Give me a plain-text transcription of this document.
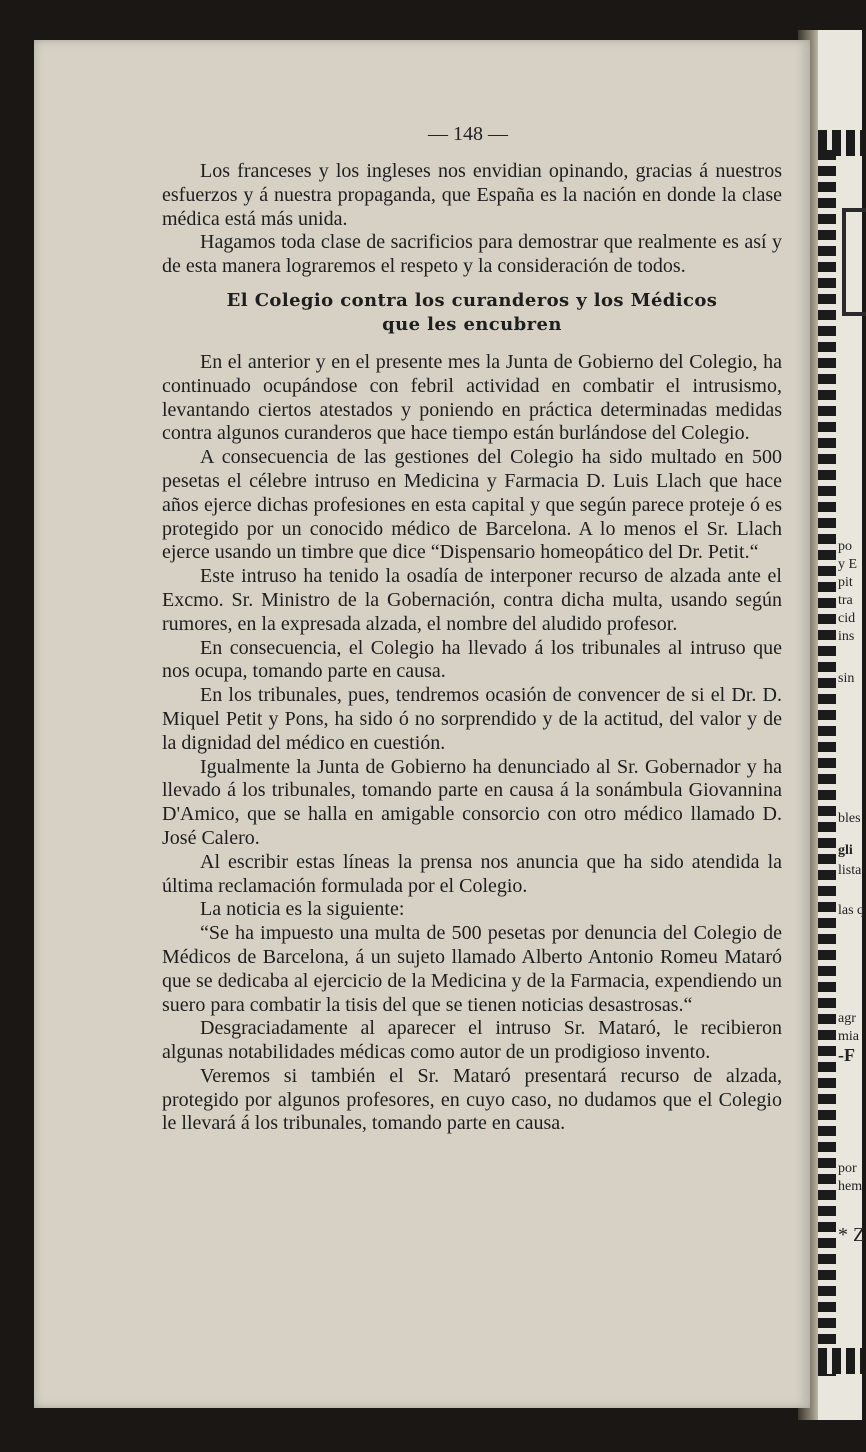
po
y E
pit
tra
cid
ins
sin
bles
gli
lista
las q
agr
mia
-F
por
hem
* Z
— 148 —

Los franceses y los ingleses nos envidian opinando, gracias á nuestros esfuerzos y á nuestra propaganda, que España es la nación en donde la clase médica está más unida.

Hagamos toda clase de sacrificios para demostrar que realmente es así y de esta manera lograremos el respeto y la consideración de todos.

El Colegio contra los curanderos y los Médicos
que les encubren

En el anterior y en el presente mes la Junta de Gobierno del Colegio, ha continuado ocupándose con febril actividad en combatir el intrusismo, levantando ciertos atestados y poniendo en práctica determinadas medidas contra algunos curanderos que hace tiempo están burlándose del Colegio.

A consecuencia de las gestiones del Colegio ha sido multado en 500 pesetas el célebre intruso en Medicina y Farmacia D. Luis Llach que hace años ejerce dichas profesiones en esta capital y que según parece proteje ó es protegido por un conocido médico de Barcelona. A lo menos el Sr. Llach ejerce usando un timbre que dice “Dispensario homeopático del Dr. Petit.“

Este intruso ha tenido la osadía de interponer recurso de alzada ante el Excmo. Sr. Ministro de la Gobernación, contra dicha multa, usando según rumores, en la expresada alzada, el nombre del aludido profesor.

En consecuencia, el Colegio ha llevado á los tribunales al intruso que nos ocupa, tomando parte en causa.

En los tribunales, pues, tendremos ocasión de convencer de si el Dr. D. Miquel Petit y Pons, ha sido ó no sorprendido y de la actitud, del valor y de la dignidad del médico en cuestión.

Igualmente la Junta de Gobierno ha denunciado al Sr. Gobernador y ha llevado á los tribunales, tomando parte en causa á la sonámbula Giovannina D'Amico, que se halla en amigable consorcio con otro médico llamado D. José Calero.

Al escribir estas líneas la prensa nos anuncia que ha sido atendida la última reclamación formulada por el Colegio.

La noticia es la siguiente:

“Se ha impuesto una multa de 500 pesetas por denuncia del Colegio de Médicos de Barcelona, á un sujeto llamado Alberto Antonio Romeu Mataró que se dedicaba al ejercicio de la Medicina y de la Farmacia, expendiendo un suero para combatir la tisis del que se tienen noticias desastrosas.“

Desgraciadamente al aparecer el intruso Sr. Mataró, le recibieron algunas notabilidades médicas como autor de un prodigioso invento.

Veremos si también el Sr. Mataró presentará recurso de alzada, protegido por algunos profesores, en cuyo caso, no dudamos que el Colegio le llevará á los tribunales, tomando parte en causa.
